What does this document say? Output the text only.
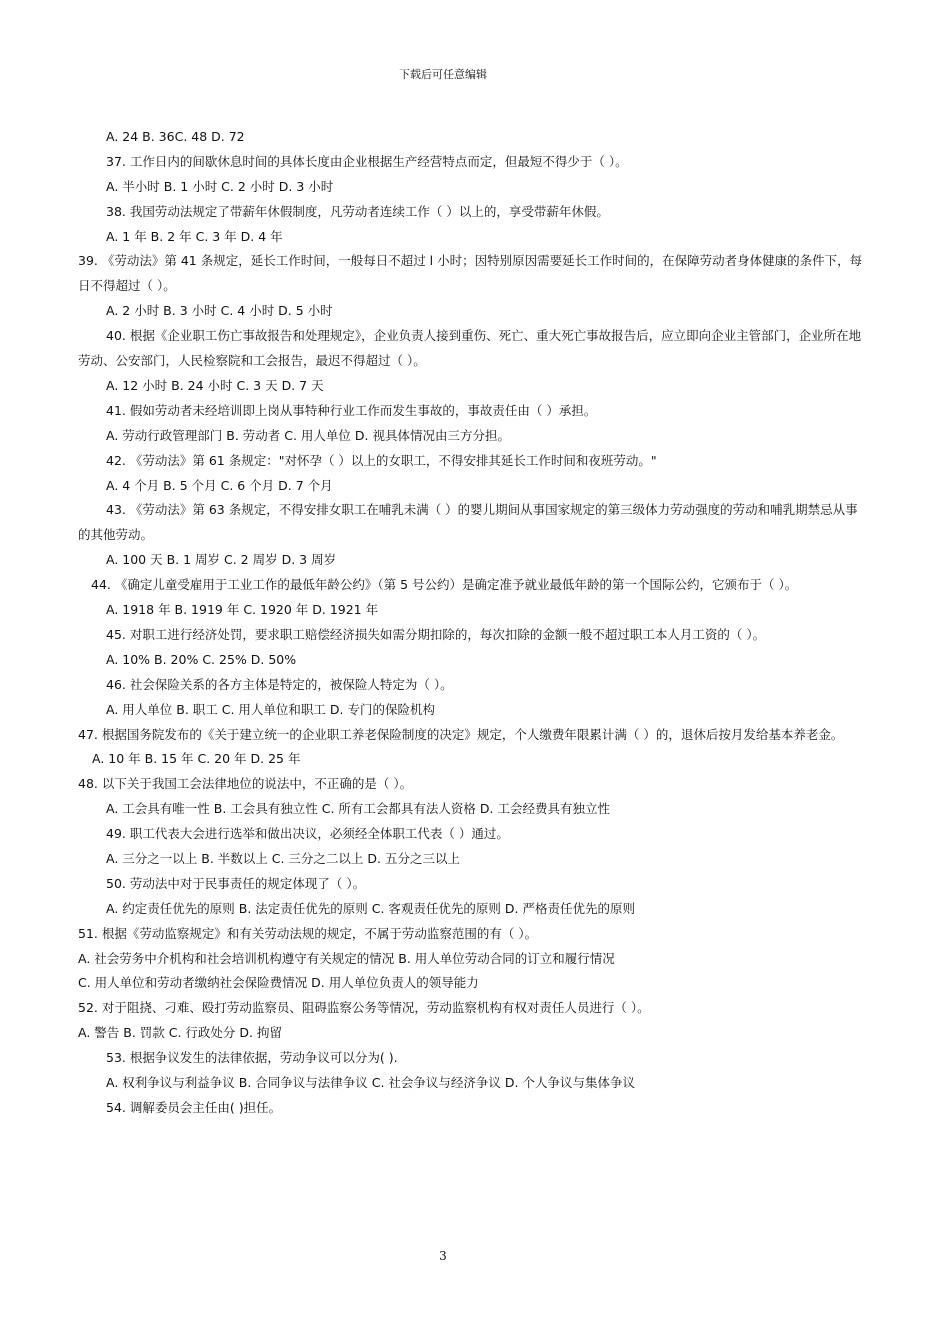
下载后可任意编辑
A. 24 B. 36C. 48 D. 72
37. 工作日内的间歇休息时间的具体长度由企业根据生产经营特点而定，但最短不得少于（ ）。
A. 半小时 B. 1 小时 C. 2 小时 D. 3 小时
38. 我国劳动法规定了带薪年休假制度，凡劳动者连续工作（ ）以上的，享受带薪年休假。
A. 1 年 B. 2 年 C. 3 年 D. 4 年
39. 《劳动法》第 41 条规定，延长工作时间，一般每日不超过 l 小时；因特别原因需要延长工作时间的，在保障劳动者身体健康的条件下，每日不得超过（ ）。
A. 2 小时 B. 3 小时 C. 4 小时 D. 5 小时
40. 根据《企业职工伤亡事故报告和处理规定》，企业负责人接到重伤、死亡、重大死亡事故报告后，应立即向企业主管部门，企业所在地劳动、公安部门，人民检察院和工会报告，最迟不得超过（ ）。
A. 12 小时 B. 24 小时 C. 3 天 D. 7 天
41. 假如劳动者未经培训即上岗从事特种行业工作而发生事故的，事故责任由（ ）承担。
A. 劳动行政管理部门 B. 劳动者 C. 用人单位 D. 视具体情况由三方分担。
42. 《劳动法》第 61 条规定："对怀孕（ ）以上的女职工，不得安排其延长工作时间和夜班劳动。"
A. 4 个月 B. 5 个月 C. 6 个月 D. 7 个月
43. 《劳动法》第 63 条规定，不得安排女职工在哺乳未满（ ）的婴儿期间从事国家规定的第三级体力劳动强度的劳动和哺乳期禁忌从事的其他劳动。
A. 100 天 B. 1 周岁 C. 2 周岁 D. 3 周岁
44. 《确定儿童受雇用于工业工作的最低年龄公约》（第 5 号公约）是确定准予就业最低年龄的第一个国际公约，它颁布于（ ）。
A. 1918 年 B. 1919 年 C. 1920 年 D. 1921 年
45. 对职工进行经济处罚，要求职工赔偿经济损失如需分期扣除的，每次扣除的金额一般不超过职工本人月工资的（ ）。
A. 10% B. 20% C. 25% D. 50%
46. 社会保险关系的各方主体是特定的，被保险人特定为（ ）。
A. 用人单位 B. 职工 C. 用人单位和职工 D. 专门的保险机构
47. 根据国务院发布的《关于建立统一的企业职工养老保险制度的决定》规定，个人缴费年限累计满（ ）的，退休后按月发给基本养老金。
A. 10 年 B. 15 年 C. 20 年 D. 25 年
48. 以下关于我国工会法律地位的说法中，不正确的是（ ）。
A. 工会具有唯一性 B. 工会具有独立性 C. 所有工会都具有法人资格 D. 工会经费具有独立性
49. 职工代表大会进行选举和做出决议，必须经全体职工代表（ ）通过。
A. 三分之一以上 B. 半数以上 C. 三分之二以上 D. 五分之三以上
50. 劳动法中对于民事责任的规定体现了（ ）。
A. 约定责任优先的原则 B. 法定责任优先的原则 C. 客观责任优先的原则 D. 严格责任优先的原则
51. 根据《劳动监察规定》和有关劳动法规的规定，不属于劳动监察范围的有（ ）。
A. 社会劳务中介机构和社会培训机构遵守有关规定的情况 B. 用人单位劳动合同的订立和履行情况
C. 用人单位和劳动者缴纳社会保险费情况 D. 用人单位负责人的领导能力
52. 对于阻挠、刁难、殴打劳动监察员、阻碍监察公务等情况，劳动监察机构有权对责任人员进行（ ）。
A. 警告 B. 罚款 C. 行政处分 D. 拘留
53. 根据争议发生的法律依据，劳动争议可以分为( ).
A. 权利争议与利益争议 B. 合同争议与法律争议 C. 社会争议与经济争议 D. 个人争议与集体争议
54. 调解委员会主任由( )担任。
3
